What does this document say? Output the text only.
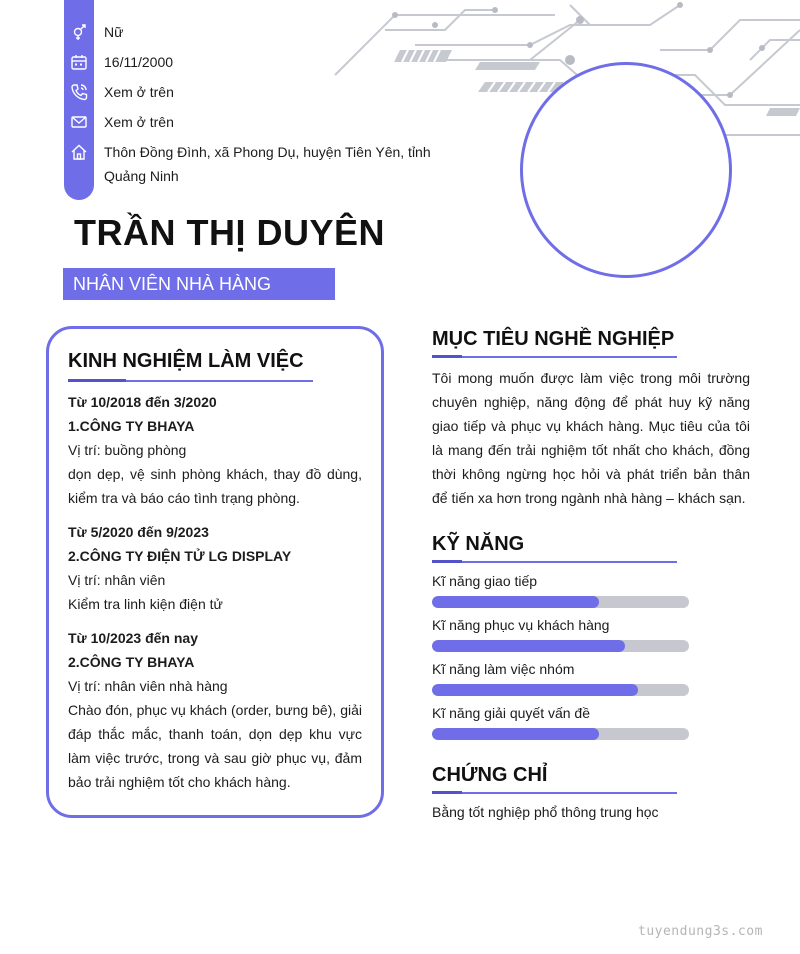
Nữ
16/11/2000
Xem ở trên
Xem ở trên
Thôn Đồng Đình, xã Phong Dụ, huyện Tiên Yên, tỉnh Quảng Ninh
TRẦN THỊ DUYÊN
NHÂN VIÊN NHÀ HÀNG
KINH NGHIỆM LÀM VIỆC
Từ 10/2018 đến 3/2020
1.CÔNG TY BHAYA
Vị trí: buồng phòng
dọn dẹp, vệ sinh phòng khách, thay đồ dùng, kiểm tra và báo cáo tình trạng phòng.
Từ 5/2020 đến 9/2023
2.CÔNG TY ĐIỆN TỬ LG DISPLAY
Vị trí: nhân viên
Kiểm tra linh kiện điện tử
Từ 10/2023 đến nay
2.CÔNG TY BHAYA
Vị trí: nhân viên nhà hàng
Chào đón, phục vụ khách (order, bưng bê), giải đáp thắc mắc, thanh toán, dọn dẹp khu vực làm việc trước, trong và sau giờ phục vụ, đảm bảo trải nghiệm tốt cho khách hàng.
MỤC TIÊU NGHỀ NGHIỆP
Tôi mong muốn được làm việc trong môi trường chuyên nghiệp, năng động để phát huy kỹ năng giao tiếp và phục vụ khách hàng. Mục tiêu của tôi là mang đến trải nghiệm tốt nhất cho khách, đồng thời không ngừng học hỏi và phát triển bản thân để tiến xa hơn trong ngành nhà hàng – khách sạn.
KỸ NĂNG
Kĩ năng giao tiếp
Kĩ năng phục vụ khách hàng
Kĩ năng làm việc nhóm
Kĩ năng giải quyết vấn đề
CHỨNG CHỈ
Bằng tốt nghiệp phổ thông trung học
tuyendung3s.com
